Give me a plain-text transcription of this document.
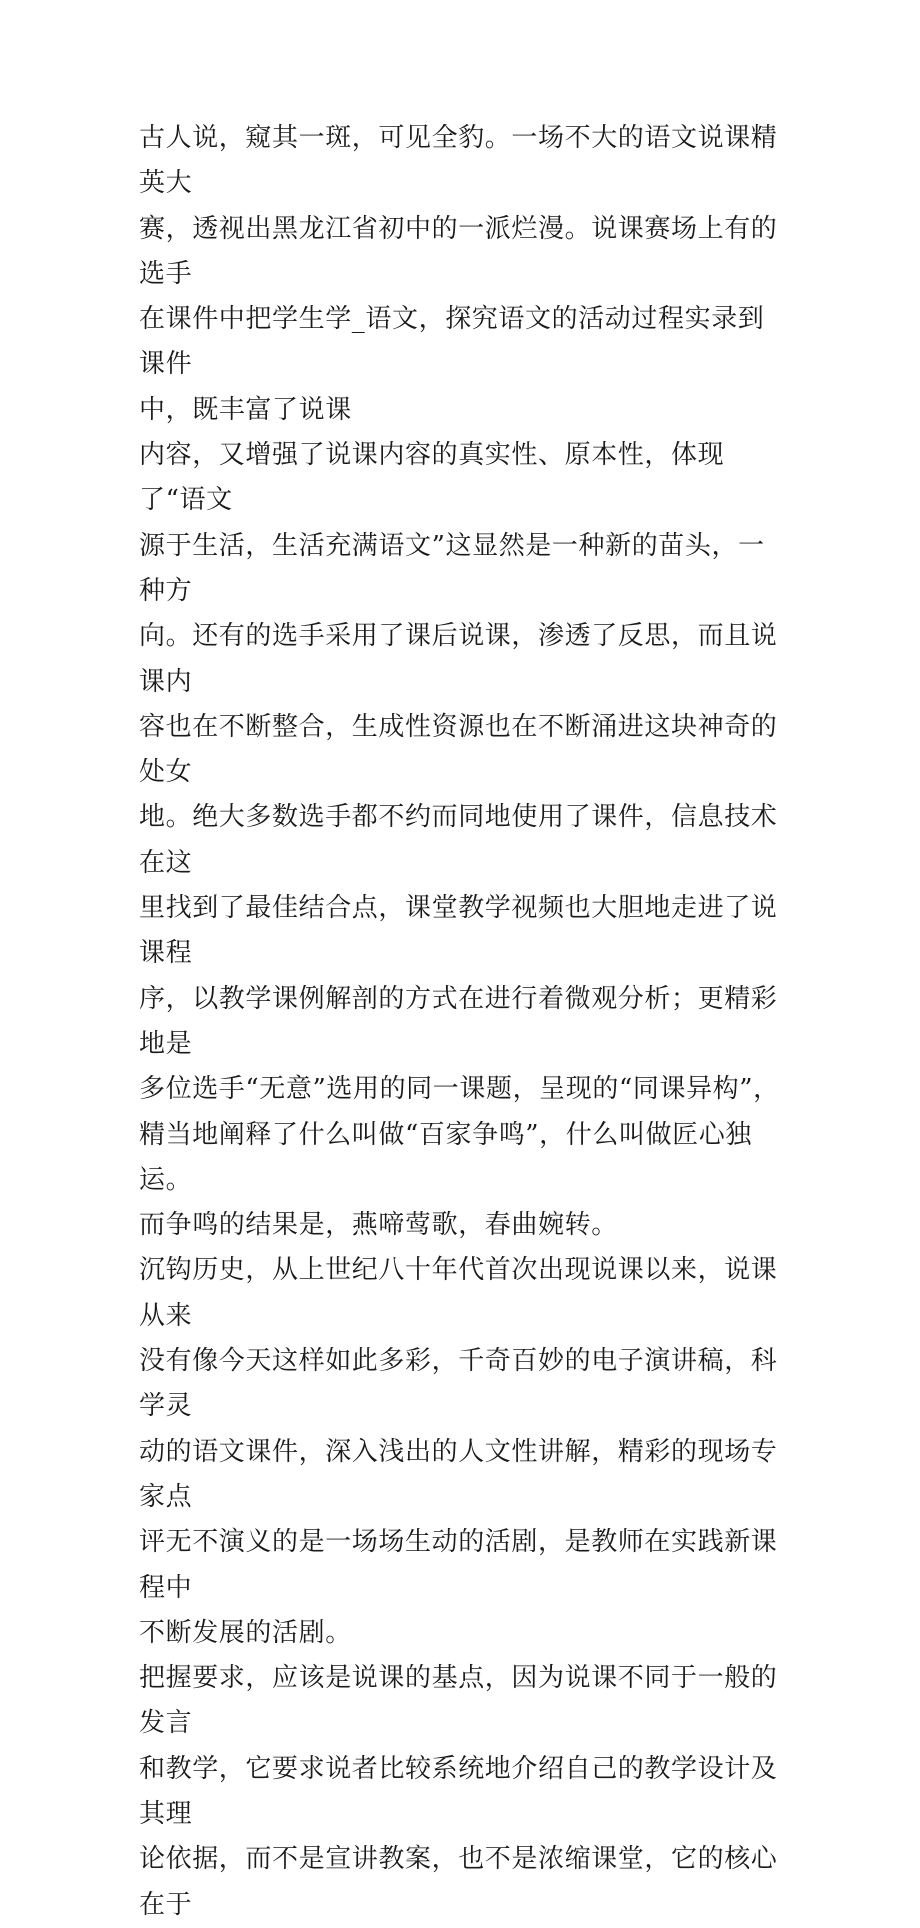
古人说，窥其一斑，可见全豹。一场不大的语文说课精英大
赛，透视出黑龙江省初中的一派烂漫。说课赛场上有的选手
在课件中把学生学_语文，探究语文的活动过程实录到课件
中，既丰富了说课

内容，又增强了说课内容的真实性、原本性，体现了“语文
源于生活，生活充满语文”这显然是一种新的苗头，一种方
向。还有的选手采用了课后说课，渗透了反思，而且说课内
容也在不断整合，生成性资源也在不断涌进这块神奇的处女
地。绝大多数选手都不约而同地使用了课件，信息技术在这
里找到了最佳结合点，课堂教学视频也大胆地走进了说课程
序，以教学课例解剖的方式在进行着微观分析；更精彩地是
多位选手“无意”选用的同一课题，呈现的“同课异构”，
精当地阐释了什么叫做“百家争鸣”，什么叫做匠心独运。
而争鸣的结果是，燕啼莺歌，春曲婉转。

沉钩历史，从上世纪八十年代首次出现说课以来，说课从来
没有像今天这样如此多彩，千奇百妙的电子演讲稿，科学灵
动的语文课件，深入浅出的人文性讲解，精彩的现场专家点
评无不演义的是一场场生动的活剧，是教师在实践新课程中
不断发展的活剧。

把握要求，应该是说课的基点，因为说课不同于一般的发言
和教学，它要求说者比较系统地介绍自己的教学设计及其理
论依据，而不是宣讲教案，也不是浓缩课堂，它的核心在于
